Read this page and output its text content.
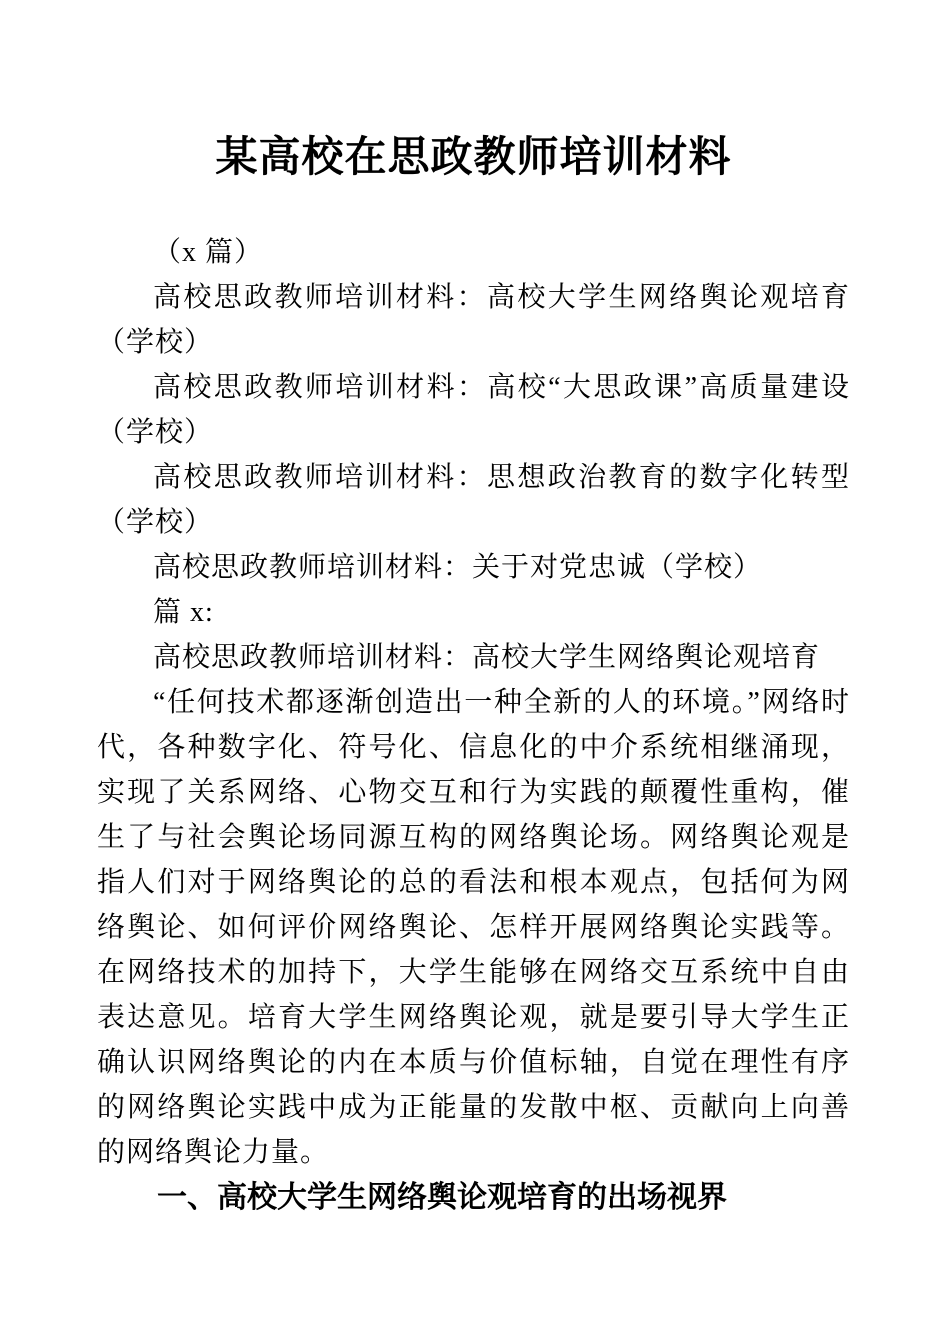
某高校在思政教师培训材料

（x 篇）

高校思政教师培训材料：高校大学生网络舆论观培育（学校）

高校思政教师培训材料：高校“大思政课”高质量建设（学校）

高校思政教师培训材料：思想政治教育的数字化转型（学校）

高校思政教师培训材料：关于对党忠诚（学校）

篇 x:

高校思政教师培训材料：高校大学生网络舆论观培育

“任何技术都逐渐创造出一种全新的人的环境。”网络时代，各种数字化、符号化、信息化的中介系统相继涌现，实现了关系网络、心物交互和行为实践的颠覆性重构，催生了与社会舆论场同源互构的网络舆论场。网络舆论观是指人们对于网络舆论的总的看法和根本观点，包括何为网络舆论、如何评价网络舆论、怎样开展网络舆论实践等。在网络技术的加持下，大学生能够在网络交互系统中自由表达意见。培育大学生网络舆论观，就是要引导大学生正确认识网络舆论的内在本质与价值标轴，自觉在理性有序的网络舆论实践中成为正能量的发散中枢、贡献向上向善的网络舆论力量。

一、高校大学生网络舆论观培育的出场视界
